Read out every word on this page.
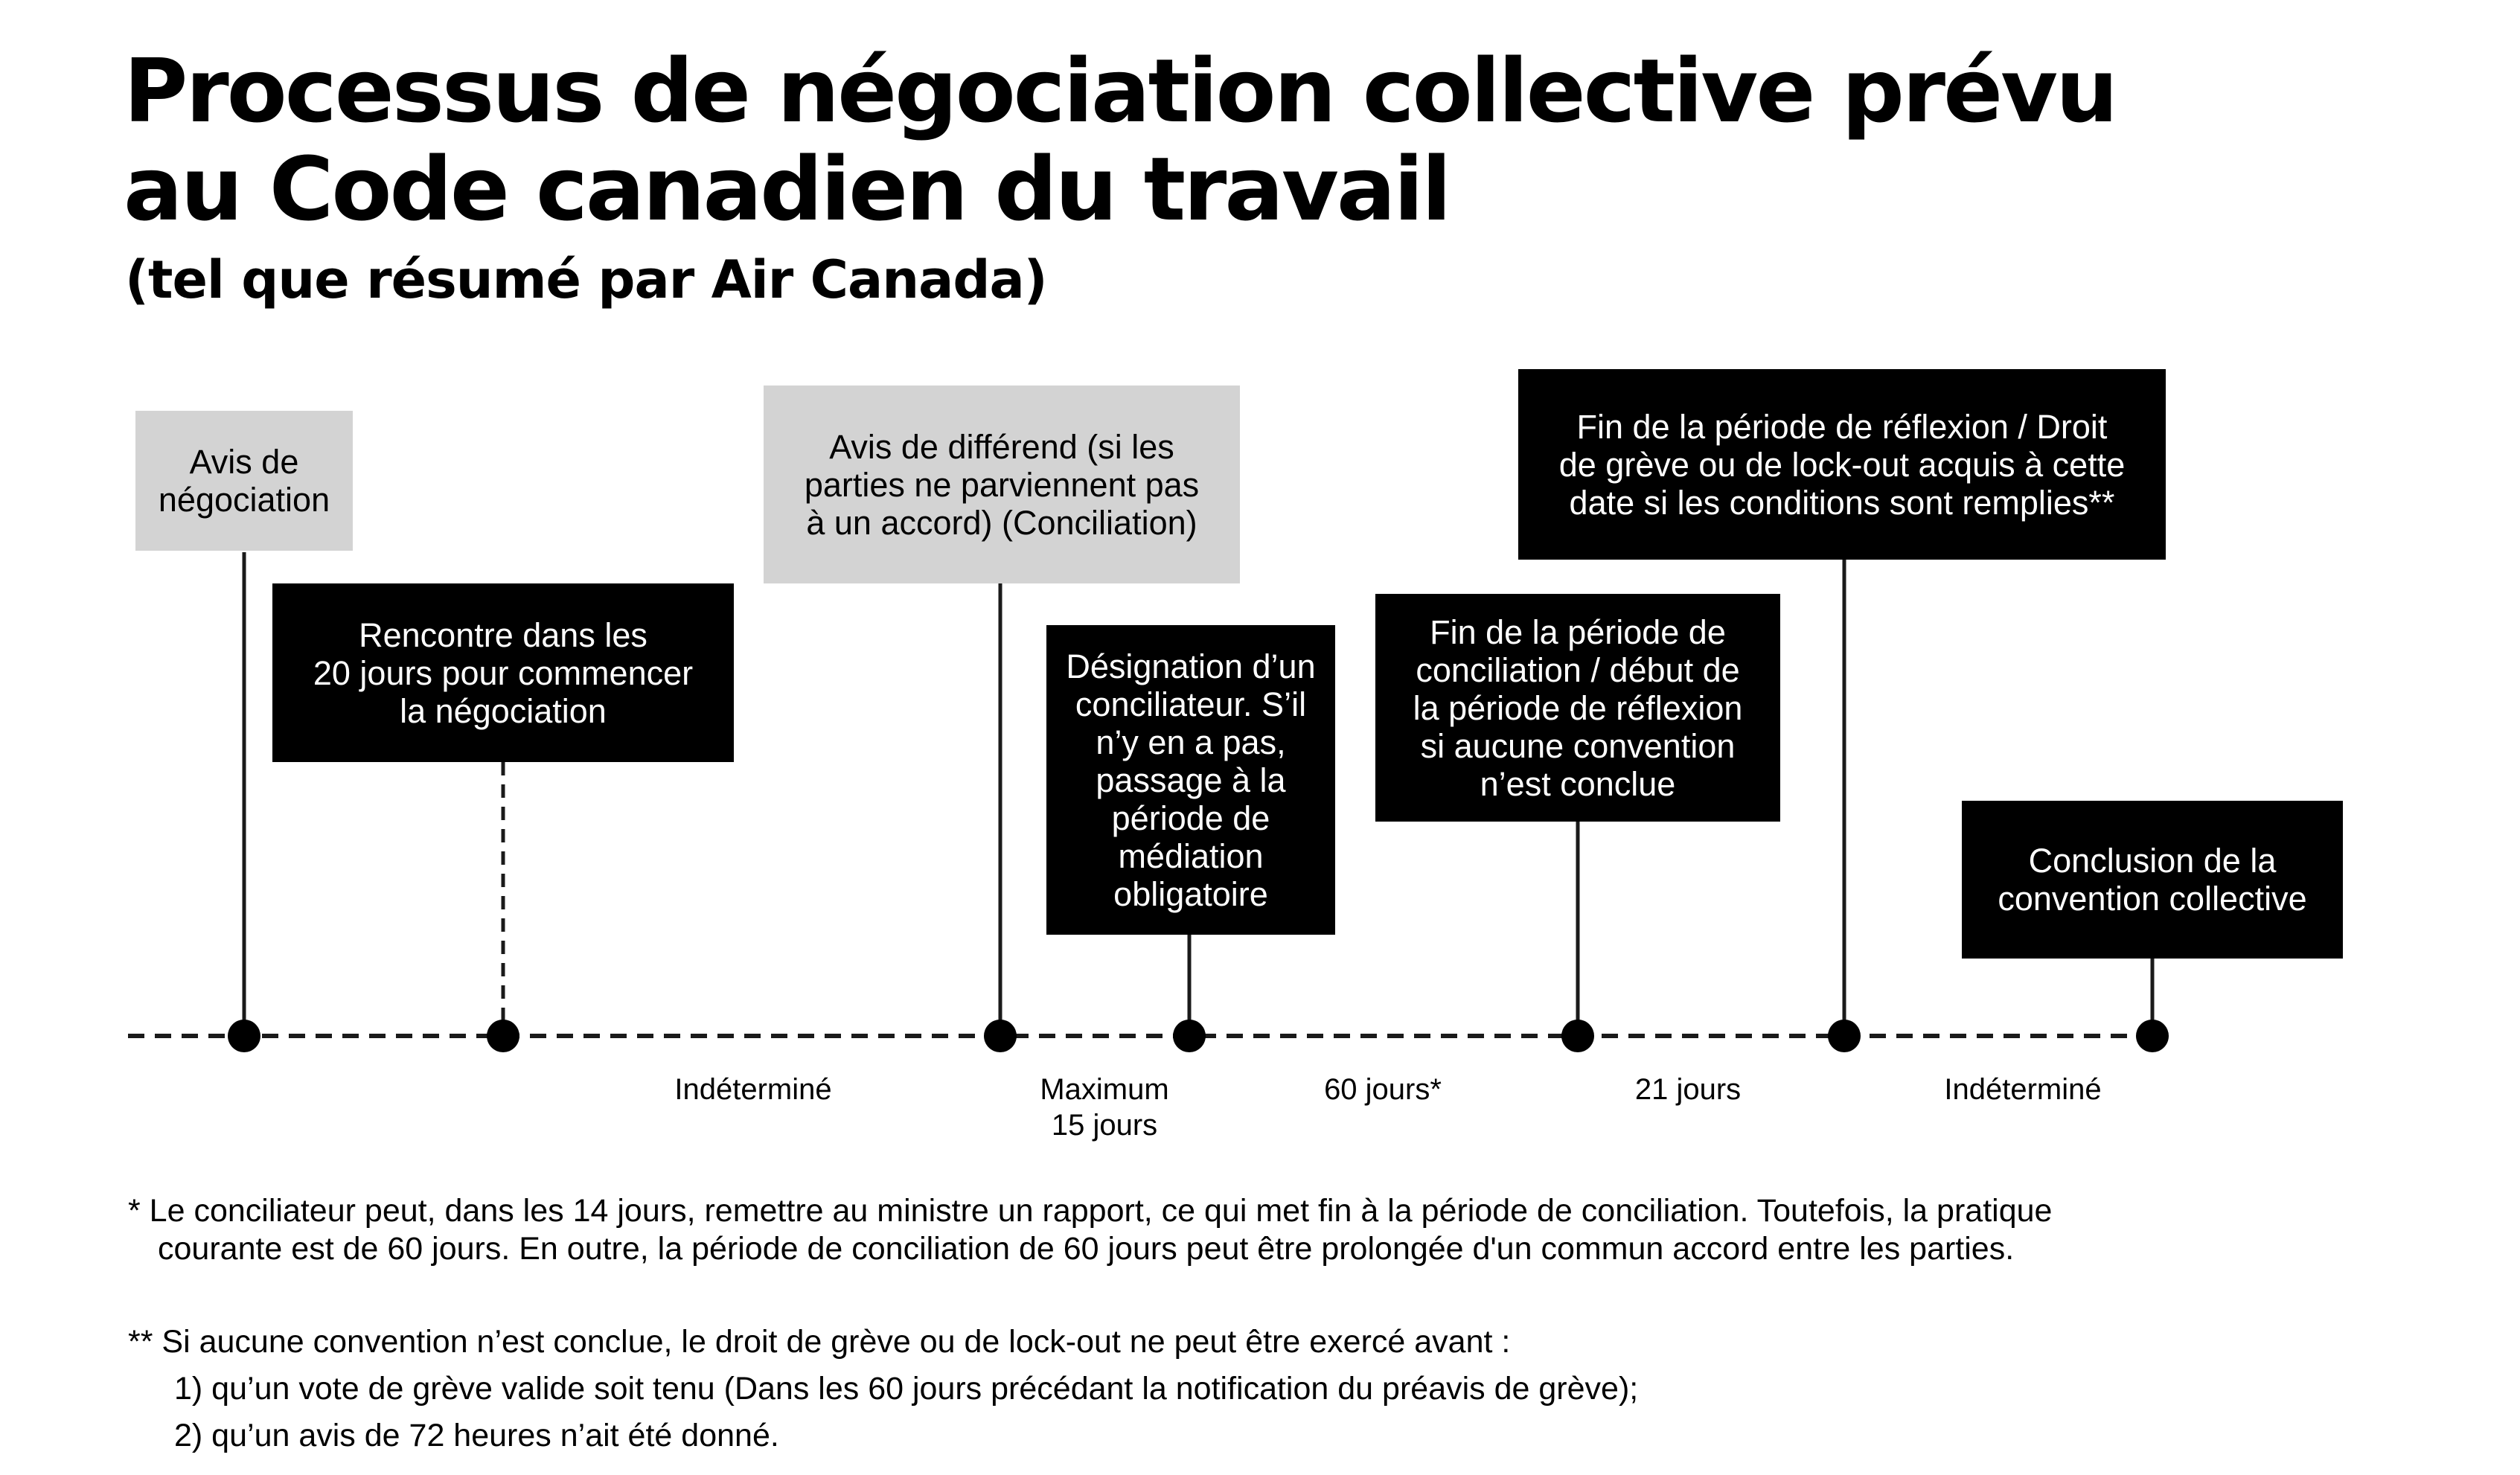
Processus de négociation collective prévu
au Code canadien du travail
(tel que résumé par Air Canada)
Avis de
négociation
Rencontre dans les
20 jours pour commencer
la négociation
Avis de différend (si les
parties ne parviennent pas
à un accord) (Conciliation)
Désignation d’un
conciliateur. S’il
n’y en a pas,
passage à la
période de
médiation
obligatoire
Fin de la période de
conciliation / début de
la période de réflexion
si aucune convention
n’est conclue
Fin de la période de réflexion / Droit
de grève ou de lock-out acquis à cette
date si les conditions sont remplies**
Conclusion de la
convention collective
Indéterminé	Maximum
15 jours
60 jours*	21 jours	Indéterminé
* Le conciliateur peut, dans les 14 jours, remettre au ministre un rapport, ce qui met fin à la période de conciliation. Toutefois, la pratique
courante est de 60 jours. En outre, la période de conciliation de 60 jours peut être prolongée d'un commun accord entre les parties.
** Si aucune convention n’est conclue, le droit de grève ou de lock-out ne peut être exercé avant :
1) qu’un vote de grève valide soit tenu (Dans les 60 jours précédant la notification du préavis de grève);
2) qu’un avis de 72 heures n’ait été donné.
